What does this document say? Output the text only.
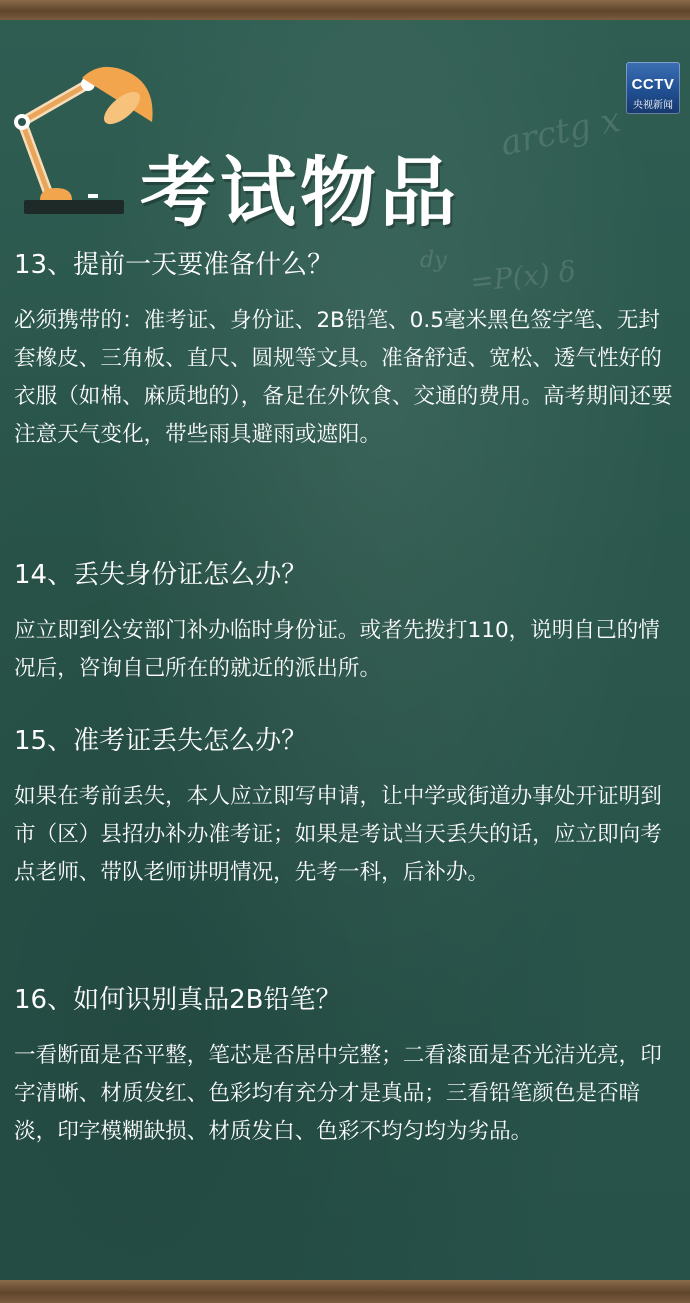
arctg x
=P(x) δ
dy
CCTV
央视新闻
考试物品
13、提前一天要准备什么？

必须携带的：准考证、身份证、2B铅笔、0.5毫米黑色签字笔、无封套橡皮、三角板、直尺、圆规等文具。准备舒适、宽松、透气性好的衣服（如棉、麻质地的），备足在外饮食、交通的费用。高考期间还要注意天气变化，带些雨具避雨或遮阳。

14、丢失身份证怎么办？

应立即到公安部门补办临时身份证。或者先拨打110，说明自己的情况后，咨询自己所在的就近的派出所。

15、准考证丢失怎么办？

如果在考前丢失，本人应立即写申请，让中学或街道办事处开证明到市（区）县招办补办准考证；如果是考试当天丢失的话，应立即向考点老师、带队老师讲明情况，先考一科，后补办。

16、如何识别真品2B铅笔？

一看断面是否平整，笔芯是否居中完整；二看漆面是否光洁光亮，印字清晰、材质发红、色彩均有充分才是真品；三看铅笔颜色是否暗淡，印字模糊缺损、材质发白、色彩不均匀均为劣品。
